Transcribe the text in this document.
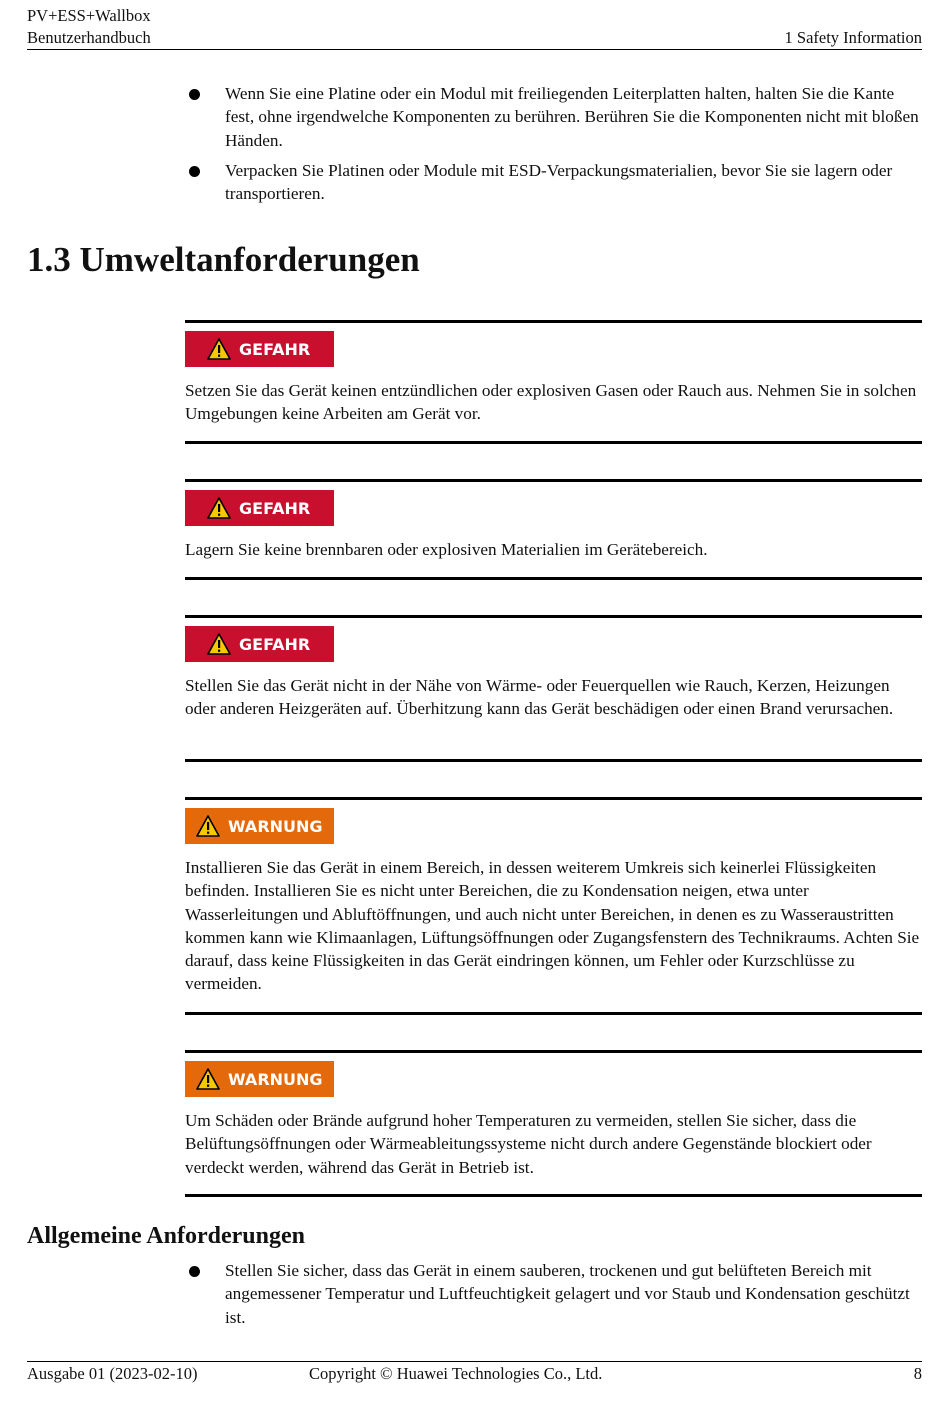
PV+ESS+Wallbox
Benutzerhandbuch	1 Safety Information
Wenn Sie eine Platine oder ein Modul mit freiliegenden Leiterplatten halten, halten Sie die Kante fest, ohne irgendwelche Komponenten zu berühren. Berühren Sie die Komponenten nicht mit bloßen Händen.
Verpacken Sie Platinen oder Module mit ESD-Verpackungsmaterialien, bevor Sie sie lagern oder transportieren.
1.3 Umweltanforderungen
GEFAHR

Setzen Sie das Gerät keinen entzündlichen oder explosiven Gasen oder Rauch aus. Nehmen Sie in solchen Umgebungen keine Arbeiten am Gerät vor.

GEFAHR

Lagern Sie keine brennbaren oder explosiven Materialien im Gerätebereich.

GEFAHR

Stellen Sie das Gerät nicht in der Nähe von Wärme- oder Feuerquellen wie Rauch, Kerzen, Heizungen oder anderen Heizgeräten auf. Überhitzung kann das Gerät beschädigen oder einen Brand verursachen.

WARNUNG

Installieren Sie das Gerät in einem Bereich, in dessen weiterem Umkreis sich keinerlei Flüssigkeiten befinden. Installieren Sie es nicht unter Bereichen, die zu Kondensation neigen, etwa unter Wasserleitungen und Abluftöffnungen, und auch nicht unter Bereichen, in denen es zu Wasseraustritten kommen kann wie Klimaanlagen, Lüftungsöffnungen oder Zugangsfenstern des Technikraums. Achten Sie darauf, dass keine Flüssigkeiten in das Gerät eindringen können, um Fehler oder Kurzschlüsse zu vermeiden.

WARNUNG

Um Schäden oder Brände aufgrund hoher Temperaturen zu vermeiden, stellen Sie sicher, dass die Belüftungsöffnungen oder Wärmeableitungssysteme nicht durch andere Gegenstände blockiert oder verdeckt werden, während das Gerät in Betrieb ist.

Allgemeine Anforderungen
Stellen Sie sicher, dass das Gerät in einem sauberen, trockenen und gut belüfteten Bereich mit angemessener Temperatur und Luftfeuchtigkeit gelagert und vor Staub und Kondensation geschützt ist.
Ausgabe 01 (2023-02-10)	Copyright © Huawei Technologies Co., Ltd.	8
